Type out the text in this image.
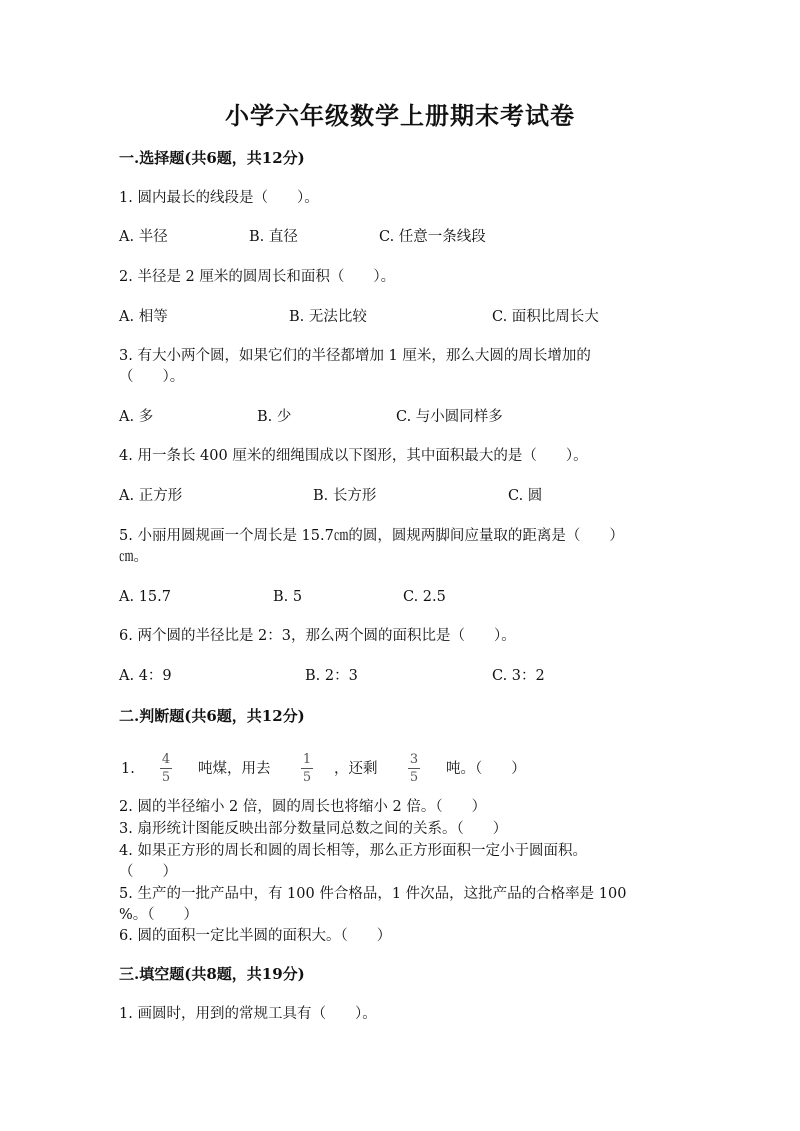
小学六年级数学上册期末考试卷
一.选择题(共6题，共12分)
1. 圆内最长的线段是（　　）。
A. 半径	B. 直径	C. 任意一条线段
2. 半径是 2 厘米的圆周长和面积（　　）。
A. 相等	B. 无法比较	C. 面积比周长大
3. 有大小两个圆，如果它们的半径都增加 1 厘米，那么大圆的周长增加的
（　　）。
A. 多	B. 少	C. 与小圆同样多
4. 用一条长 400 厘米的细绳围成以下图形，其中面积最大的是（　　）。
A. 正方形	B. 长方形	C. 圆
5. 小丽用圆规画一个周长是 15.7㎝的圆，圆规两脚间应量取的距离是（　　）
㎝。
A. 15.7	B. 5	C. 2.5
6. 两个圆的半径比是 2：3，那么两个圆的面积比是（　　）。
A. 4：9	B. 2：3	C. 3：2
二.判断题(共6题，共12分)
1.
4
5
吨煤，用去
1
5
，还剩
3
5
吨。（　　）
2. 圆的半径缩小 2 倍，圆的周长也将缩小 2 倍。（　　）
3. 扇形统计图能反映出部分数量同总数之间的关系。（　　）
4. 如果正方形的周长和圆的周长相等，那么正方形面积一定小于圆面积。
（　　）
5. 生产的一批产品中，有 100 件合格品，1 件次品，这批产品的合格率是 100
%。（　　）
6. 圆的面积一定比半圆的面积大。（　　）
三.填空题(共8题，共19分)
1. 画圆时，用到的常规工具有（　　）。
